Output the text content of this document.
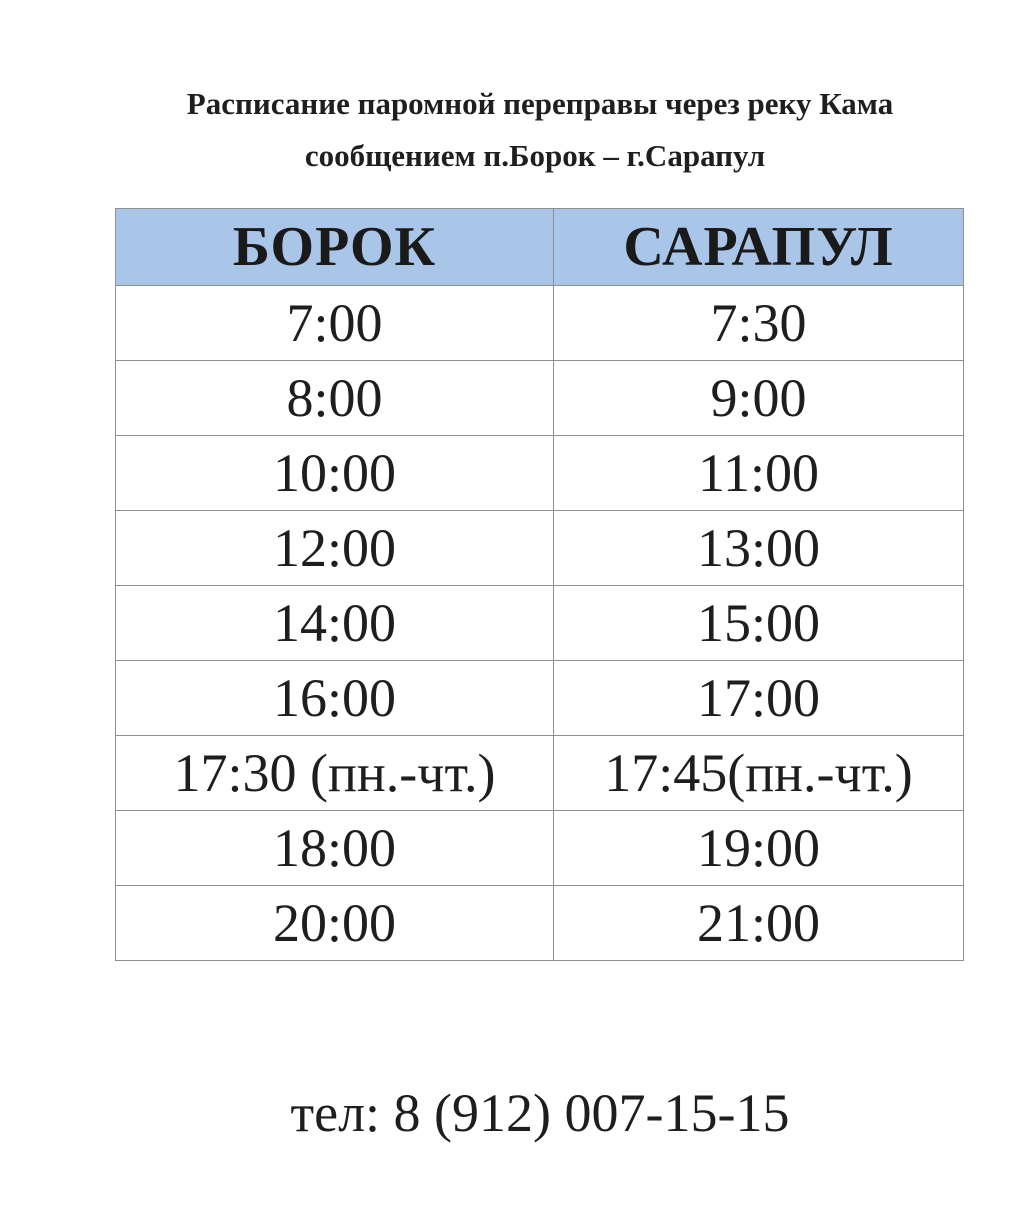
Расписание паромной переправы через реку Кама
сообщением п.Борок – г.Сарапул
БОРОК	САРАПУЛ
7:00	7:30
8:00	9:00
10:00	11:00
12:00	13:00
14:00	15:00
16:00	17:00
17:30 (пн.-чт.)	17:45(пн.-чт.)
18:00	19:00
20:00	21:00
тел: 8 (912) 007-15-15
